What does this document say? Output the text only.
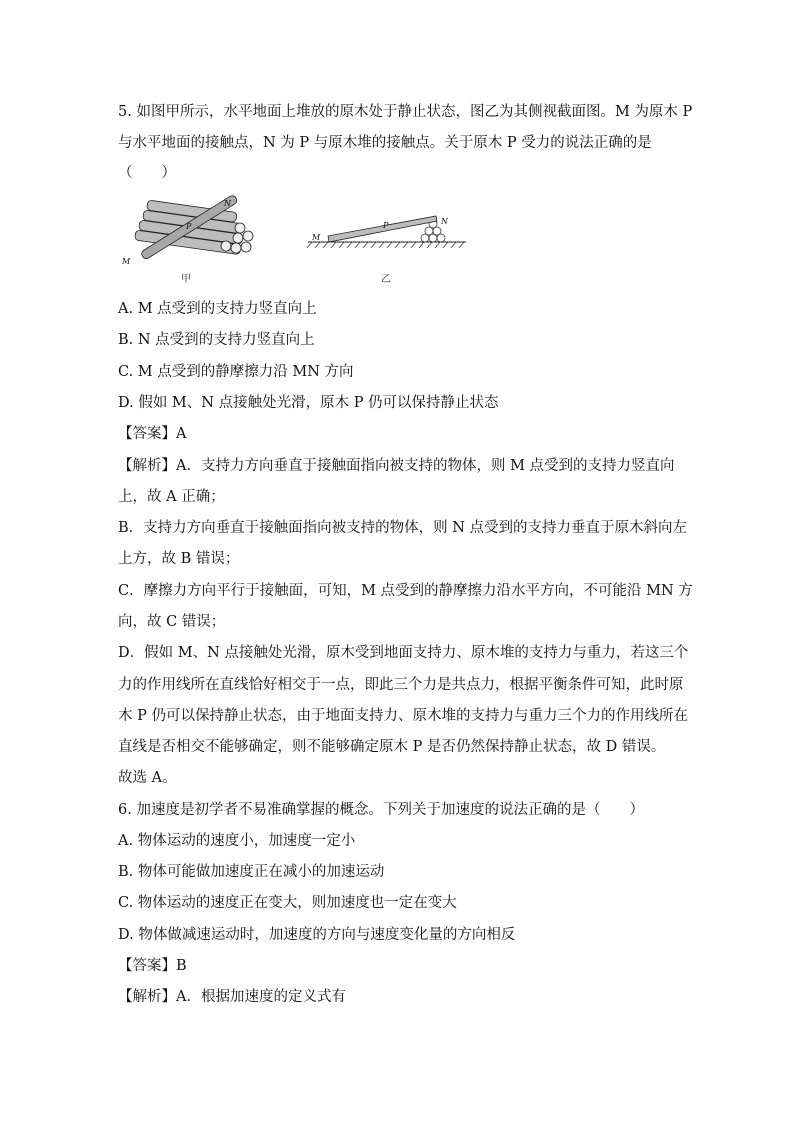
5. 如图甲所示，水平地面上堆放的原木处于静止状态，图乙为其侧视截面图。M 为原木 P
与水平地面的接触点，N 为 P 与原木堆的接触点。关于原木 P 受力的说法正确的是
（　　）
N
P
M
甲
M
N
P
乙
A. M 点受到的支持力竖直向上
B. N 点受到的支持力竖直向上
C. M 点受到的静摩擦力沿 MN 方向
D. 假如 M、N 点接触处光滑，原木 P 仍可以保持静止状态
【答案】A
【解析】A．支持力方向垂直于接触面指向被支持的物体，则 M 点受到的支持力竖直向
上，故 A 正确；
B．支持力方向垂直于接触面指向被支持的物体，则 N 点受到的支持力垂直于原木斜向左
上方，故 B 错误；
C．摩擦力方向平行于接触面，可知，M 点受到的静摩擦力沿水平方向，不可能沿 MN 方
向，故 C 错误；
D．假如 M、N 点接触处光滑，原木受到地面支持力、原木堆的支持力与重力，若这三个
力的作用线所在直线恰好相交于一点，即此三个力是共点力，根据平衡条件可知，此时原
木 P 仍可以保持静止状态，由于地面支持力、原木堆的支持力与重力三个力的作用线所在
直线是否相交不能够确定，则不能够确定原木 P 是否仍然保持静止状态，故 D 错误。
故选 A。
6. 加速度是初学者不易准确掌握的概念。下列关于加速度的说法正确的是（　　）
A. 物体运动的速度小，加速度一定小
B. 物体可能做加速度正在减小的加速运动
C. 物体运动的速度正在变大，则加速度也一定在变大
D. 物体做减速运动时，加速度的方向与速度变化量的方向相反
【答案】B
【解析】A．根据加速度的定义式有
